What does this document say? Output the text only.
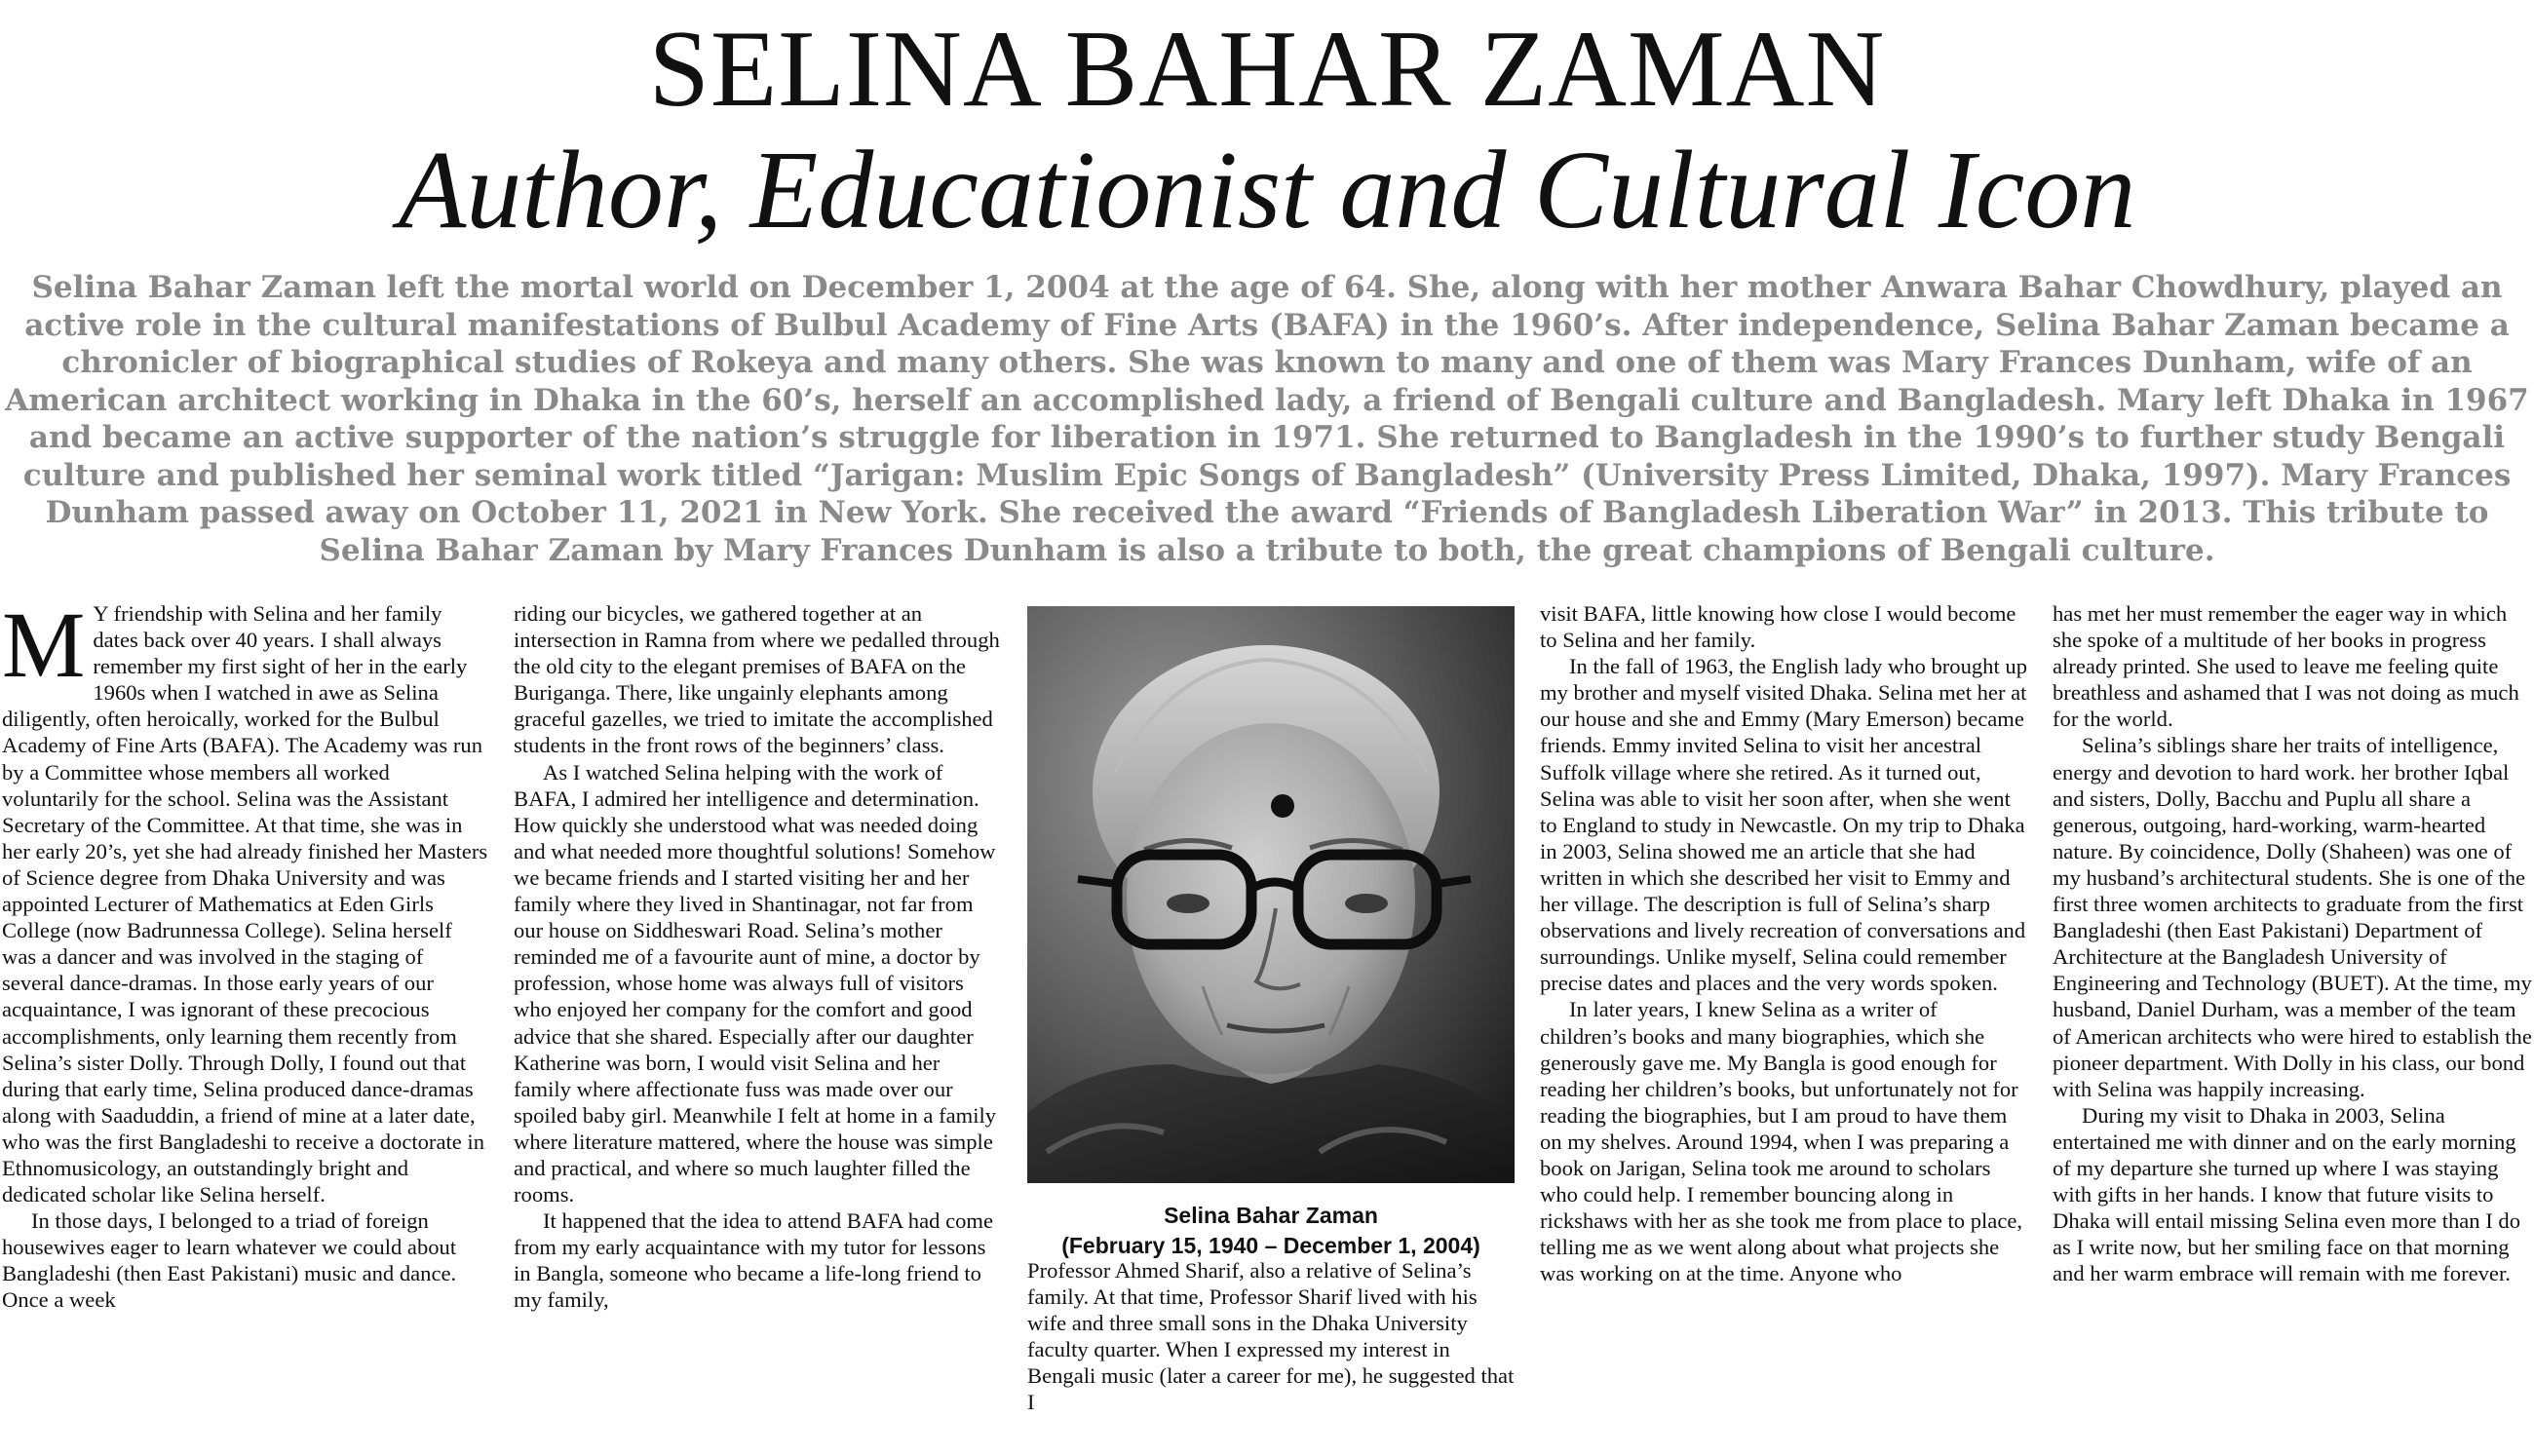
SELINA BAHAR ZAMAN
Author, Educationist and Cultural Icon

Selina Bahar Zaman left the mortal world on December 1, 2004 at the age of 64. She, along with her mother Anwara Bahar Chowdhury, played an active role in the cultural manifestations of Bulbul Academy of Fine Arts (BAFA) in the 1960’s. After independence, Selina Bahar Zaman became a chronicler of biographical studies of Rokeya and many others. She was known to many and one of them was Mary Frances Dunham, wife of an American architect working in Dhaka in the 60’s, herself an accomplished lady, a friend of Bengali culture and Bangladesh. Mary left Dhaka in 1967 and became an active supporter of the nation’s struggle for liberation in 1971. She returned to Bangladesh in the 1990’s to further study Bengali culture and published her seminal work titled “Jarigan: Muslim Epic Songs of Bangladesh” (University Press Limited, Dhaka, 1997). Mary Frances Dunham passed away on October 11, 2021 in New York. She received the award “Friends of Bangladesh Liberation War” in 2013. This tribute to Selina Bahar Zaman by Mary Frances Dunham is also a tribute to both, the great champions of Bengali culture.

M Y friendship with Selina and her family dates back over 40 years. I shall always remember my first sight of her in the early 1960s when I watched in awe as Selina diligently, often heroically, worked for the Bulbul Academy of Fine Arts (BAFA). The Academy was run by a Committee whose members all worked voluntarily for the school. Selina was the Assistant Secretary of the Committee. At that time, she was in her early 20’s, yet she had already finished her Masters of Science degree from Dhaka University and was appointed Lecturer of Mathematics at Eden Girls College (now Badrunnessa College). Selina herself was a dancer and was involved in the staging of several dance-dramas. In those early years of our acquaintance, I was ignorant of these precocious accomplishments, only learning them recently from Selina’s sister Dolly. Through Dolly, I found out that during that early time, Selina produced dance-dramas along with Saaduddin, a friend of mine at a later date, who was the first Bangladeshi to receive a doctorate in Ethnomusicology, an outstandingly bright and dedicated scholar like Selina herself.

In those days, I belonged to a triad of foreign housewives eager to learn whatever we could about Bangladeshi (then East Pakistani) music and dance. Once a week

riding our bicycles, we gathered together at an intersection in Ramna from where we pedalled through the old city to the elegant premises of BAFA on the Buriganga. There, like ungainly elephants among graceful gazelles, we tried to imitate the accomplished students in the front rows of the beginners’ class.

As I watched Selina helping with the work of BAFA, I admired her intelligence and determination. How quickly she understood what was needed doing and what needed more thoughtful solutions! Somehow we became friends and I started visiting her and her family where they lived in Shantinagar, not far from our house on Siddheswari Road. Selina’s mother reminded me of a favourite aunt of mine, a doctor by profession, whose home was always full of visitors who enjoyed her company for the comfort and good advice that she shared. Especially after our daughter Katherine was born, I would visit Selina and her family where affectionate fuss was made over our spoiled baby girl. Meanwhile I felt at home in a family where literature mattered, where the house was simple and practical, and where so much laughter filled the rooms.

It happened that the idea to attend BAFA had come from my early acquaintance with my tutor for lessons in Bangla, someone who became a life-long friend to my family,

Selina Bahar Zaman
(February 15, 1940 – December 1, 2004)

Professor Ahmed Sharif, also a relative of Selina’s family. At that time, Professor Sharif lived with his wife and three small sons in the Dhaka University faculty quarter. When I expressed my interest in Bengali music (later a career for me), he suggested that I

visit BAFA, little knowing how close I would become to Selina and her family.

In the fall of 1963, the English lady who brought up my brother and myself visited Dhaka. Selina met her at our house and she and Emmy (Mary Emerson) became friends. Emmy invited Selina to visit her ancestral Suffolk village where she retired. As it turned out, Selina was able to visit her soon after, when she went to England to study in Newcastle. On my trip to Dhaka in 2003, Selina showed me an article that she had written in which she described her visit to Emmy and her village. The description is full of Selina’s sharp observations and lively recreation of conversations and surroundings. Unlike myself, Selina could remember precise dates and places and the very words spoken.

In later years, I knew Selina as a writer of children’s books and many biographies, which she generously gave me. My Bangla is good enough for reading her children’s books, but unfortunately not for reading the biographies, but I am proud to have them on my shelves. Around 1994, when I was preparing a book on Jarigan, Selina took me around to scholars who could help. I remember bouncing along in rickshaws with her as she took me from place to place, telling me as we went along about what projects she was working on at the time. Anyone who

has met her must remember the eager way in which she spoke of a multitude of her books in progress already printed. She used to leave me feeling quite breathless and ashamed that I was not doing as much for the world.

Selina’s siblings share her traits of intelligence, energy and devotion to hard work. her brother Iqbal and sisters, Dolly, Bacchu and Puplu all share a generous, outgoing, hard-working, warm-hearted nature. By coincidence, Dolly (Shaheen) was one of my husband’s architectural students. She is one of the first three women architects to graduate from the first Bangladeshi (then East Pakistani) Department of Architecture at the Bangladesh University of Engineering and Technology (BUET). At the time, my husband, Daniel Durham, was a member of the team of American architects who were hired to establish the pioneer department. With Dolly in his class, our bond with Selina was happily increasing.

During my visit to Dhaka in 2003, Selina entertained me with dinner and on the early morning of my departure she turned up where I was staying with gifts in her hands. I know that future visits to Dhaka will entail missing Selina even more than I do as I write now, but her smiling face on that morning and her warm embrace will remain with me forever.
